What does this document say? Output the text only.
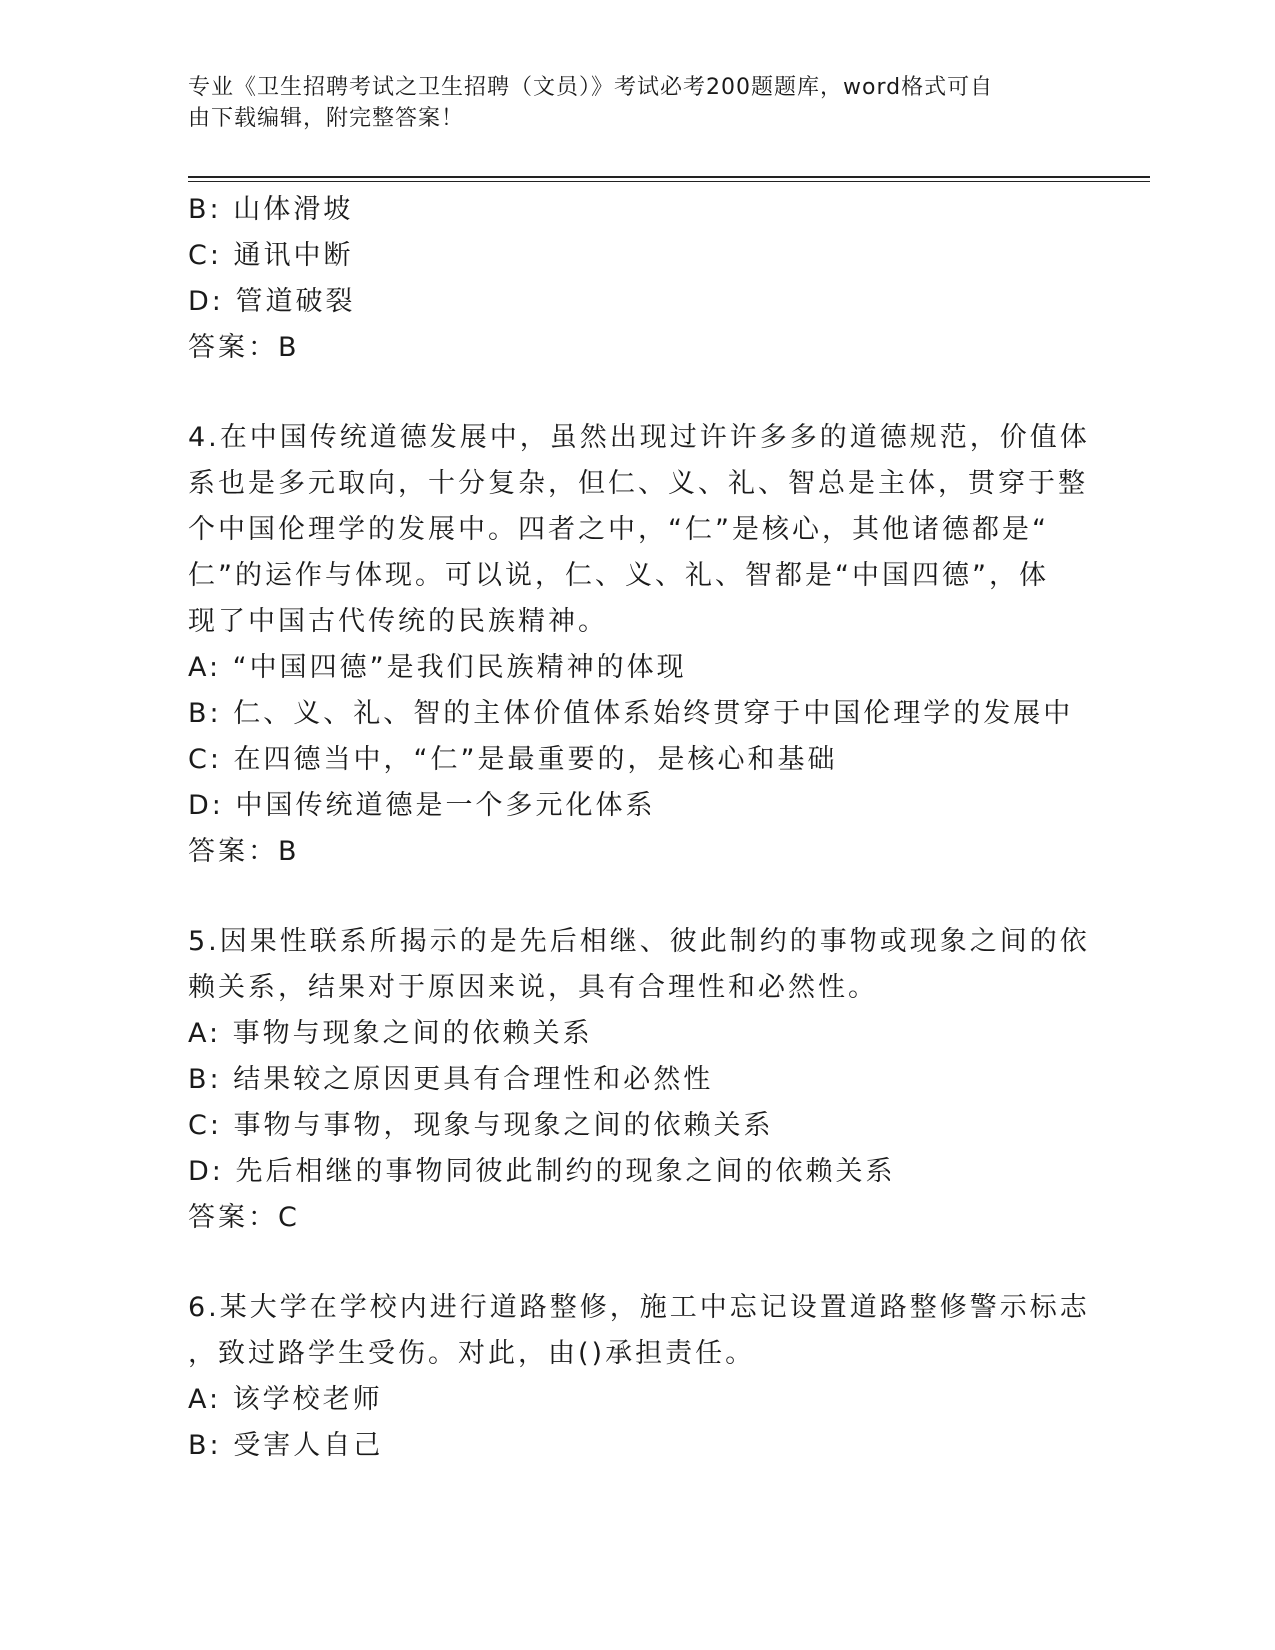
专业《卫生招聘考试之卫生招聘（文员）》考试必考200题题库，word格式可自
由下载编辑，附完整答案！
B: 山体滑坡
C: 通讯中断
D: 管道破裂
答案：B
4.在中国传统道德发展中，虽然出现过许许多多的道德规范，价值体
系也是多元取向，十分复杂，但仁、义、礼、智总是主体，贯穿于整
个中国伦理学的发展中。四者之中，“仁”是核心，其他诸德都是“
仁”的运作与体现。可以说，仁、义、礼、智都是“中国四德”，体
现了中国古代传统的民族精神。
A: “中国四德”是我们民族精神的体现
B: 仁、义、礼、智的主体价值体系始终贯穿于中国伦理学的发展中
C: 在四德当中，“仁”是最重要的，是核心和基础
D: 中国传统道德是一个多元化体系
答案：B
5.因果性联系所揭示的是先后相继、彼此制约的事物或现象之间的依
赖关系，结果对于原因来说，具有合理性和必然性。
A: 事物与现象之间的依赖关系
B: 结果较之原因更具有合理性和必然性
C: 事物与事物，现象与现象之间的依赖关系
D: 先后相继的事物同彼此制约的现象之间的依赖关系
答案：C
6.某大学在学校内进行道路整修，施工中忘记设置道路整修警示标志
，致过路学生受伤。对此，由()承担责任。
A: 该学校老师
B: 受害人自己
